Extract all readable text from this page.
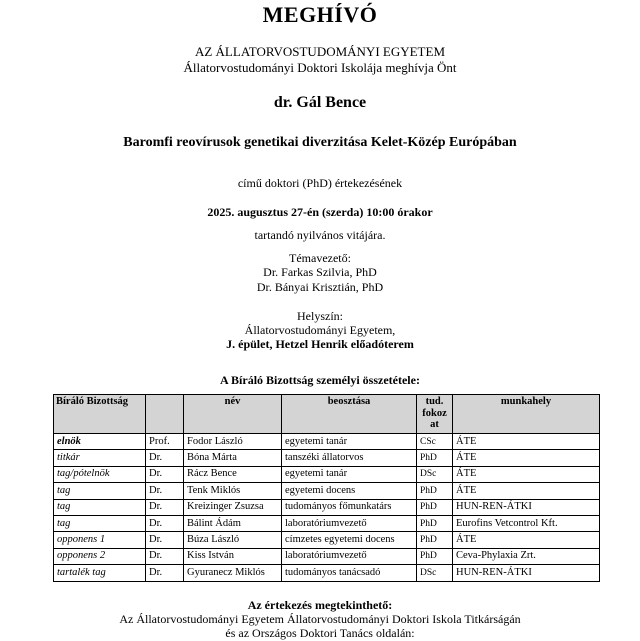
MEGHÍVÓ
AZ ÁLLATORVOSTUDOMÁNYI EGYETEM
Állatorvostudományi Doktori Iskolája meghívja Önt
dr. Gál Bence
Baromfi reovírusok genetikai diverzitása Kelet-Közép Európában
című doktori (PhD) értekezésének
2025. augusztus 27-én (szerda) 10:00 órakor
tartandó nyilvános vitájára.
Témavezető:
Dr. Farkas Szilvia, PhD
Dr. Bányai Krisztián, PhD
Helyszín:
Állatorvostudományi Egyetem,
J. épület, Hetzel Henrik előadóterem
A Bíráló Bizottság személyi összetétele:
Bíráló Bizottság		név	beosztása	tud. fokoz at	munkahely
elnök	Prof.	Fodor László	egyetemi tanár	CSc	ÁTE
titkár	Dr.	Bóna Márta	tanszéki állatorvos	PhD	ÁTE
tag/pótelnök	Dr.	Rácz Bence	egyetemi tanár	DSc	ÁTE
tag	Dr.	Tenk Miklós	egyetemi docens	PhD	ÁTE
tag	Dr.	Kreizinger Zsuzsa	tudományos főmunkatárs	PhD	HUN-REN-ÁTKI
tag	Dr.	Bálint Ádám	laboratóriumvezető	PhD	Eurofins Vetcontrol Kft.
opponens 1	Dr.	Búza László	címzetes egyetemi docens	PhD	ÁTE
opponens 2	Dr.	Kiss István	laboratóriumvezető	PhD	Ceva-Phylaxia Zrt.
tartalék tag	Dr.	Gyuranecz Miklós	tudományos tanácsadó	DSc	HUN-REN-ÁTKI
Az értekezés megtekinthető:
Az Állatorvostudományi Egyetem Állatorvostudományi Doktori Iskola Titkárságán
és az Országos Doktori Tanács oldalán:
